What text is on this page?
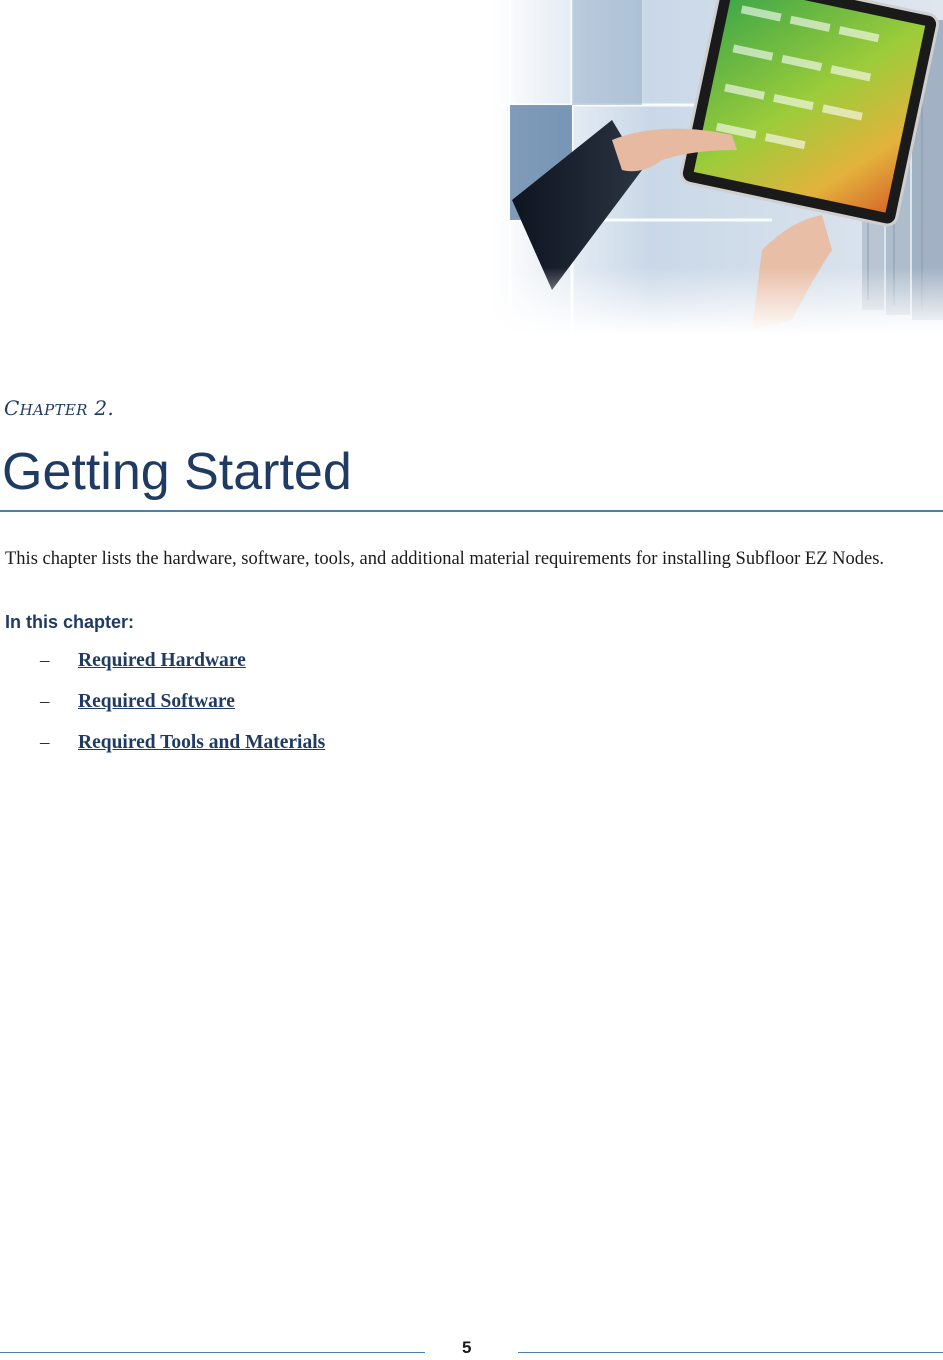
CHAPTER 2.
Getting Started

This chapter lists the hardware, software, tools, and additional material requirements for installing Subfloor EZ Nodes.

In this chapter:
– Required Hardware
– Required Software
– Required Tools and Materials
5
